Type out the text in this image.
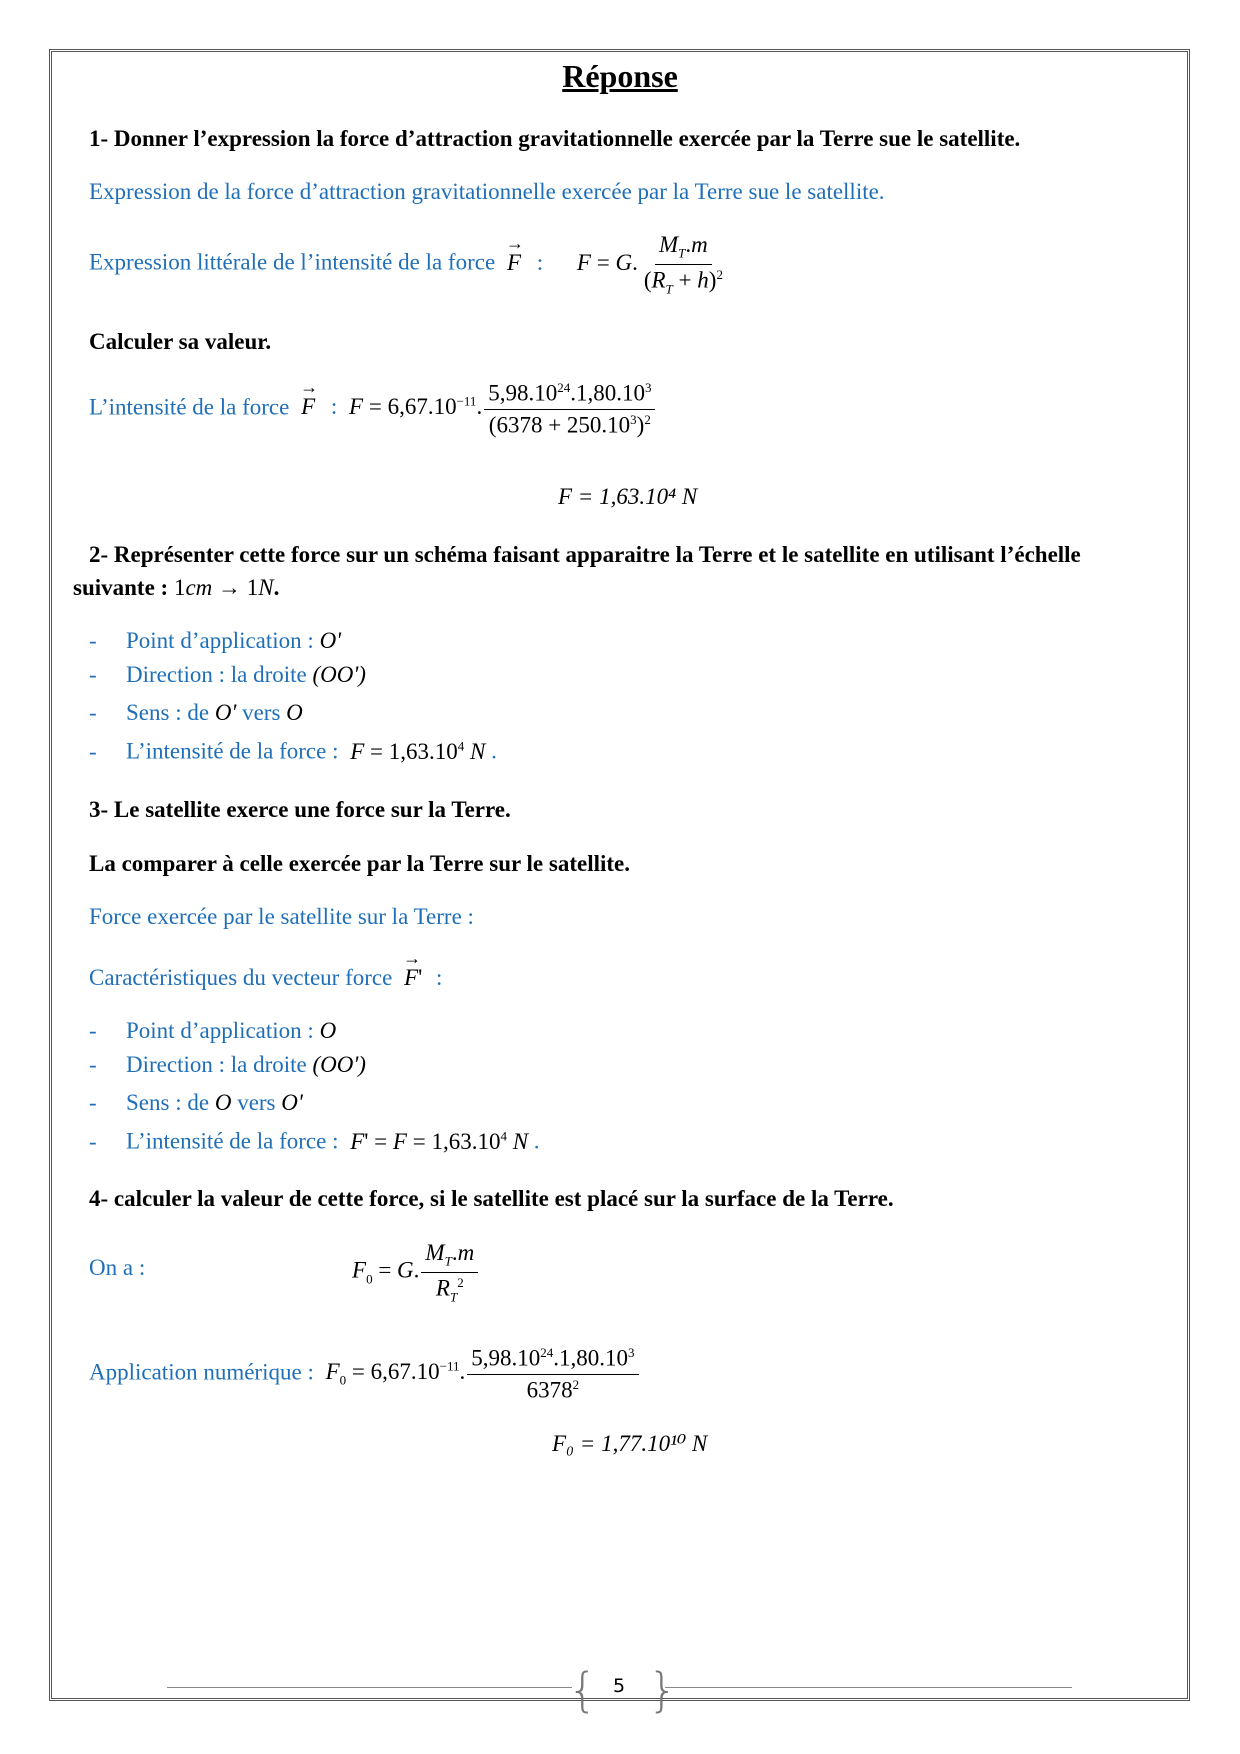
Réponse
1- Donner l’expression la force d’attraction gravitationnelle exercée par la Terre sue le satellite.
Expression de la force d’attraction gravitationnelle exercée par la Terre sue le satellite.
Expression littérale de l’intensité de la force → F : F = G. $\frac{M_T.m}{(R_T + h)^2}$
Calculer sa valeur.
L’intensité de la force → F : $F = 6,67.10^{-11}$. $\frac{5,98.10^{24}.1,80.10^3}{(6378 + 250.10^3)^2}$
F = 1,63.10⁴ N
2- Représenter cette force sur un schéma faisant apparaitre la Terre et le satellite en utilisant l’échelle
suivante : 1cm → 1N.
- Point d’application : O'
- Direction : la droite (OO')
- Sens : de O' vers O
- L’intensité de la force : $F = 1,63.10^4$ N .
3- Le satellite exerce une force sur la Terre.
La comparer à celle exercée par la Terre sur le satellite.
Force exercée par le satellite sur la Terre :
Caractéristiques du vecteur force → F' :
- Point d’application : O
- Direction : la droite (OO')
- Sens : de O vers O'
- L’intensité de la force : $F' = F = 1,63.10^4$ N .
4- calculer la valeur de cette force, si le satellite est placé sur la surface de la Terre.
On a :	$F_0 = G$. $\frac{M_T.m}{R_T^2}$
Application numérique : $F_0 = 6,67.10^{-11}$. $\frac{5,98.10^{24}.1,80.10^3}{6378^2}$
F₀ = 1,77.10¹⁰ N
{ }
5
